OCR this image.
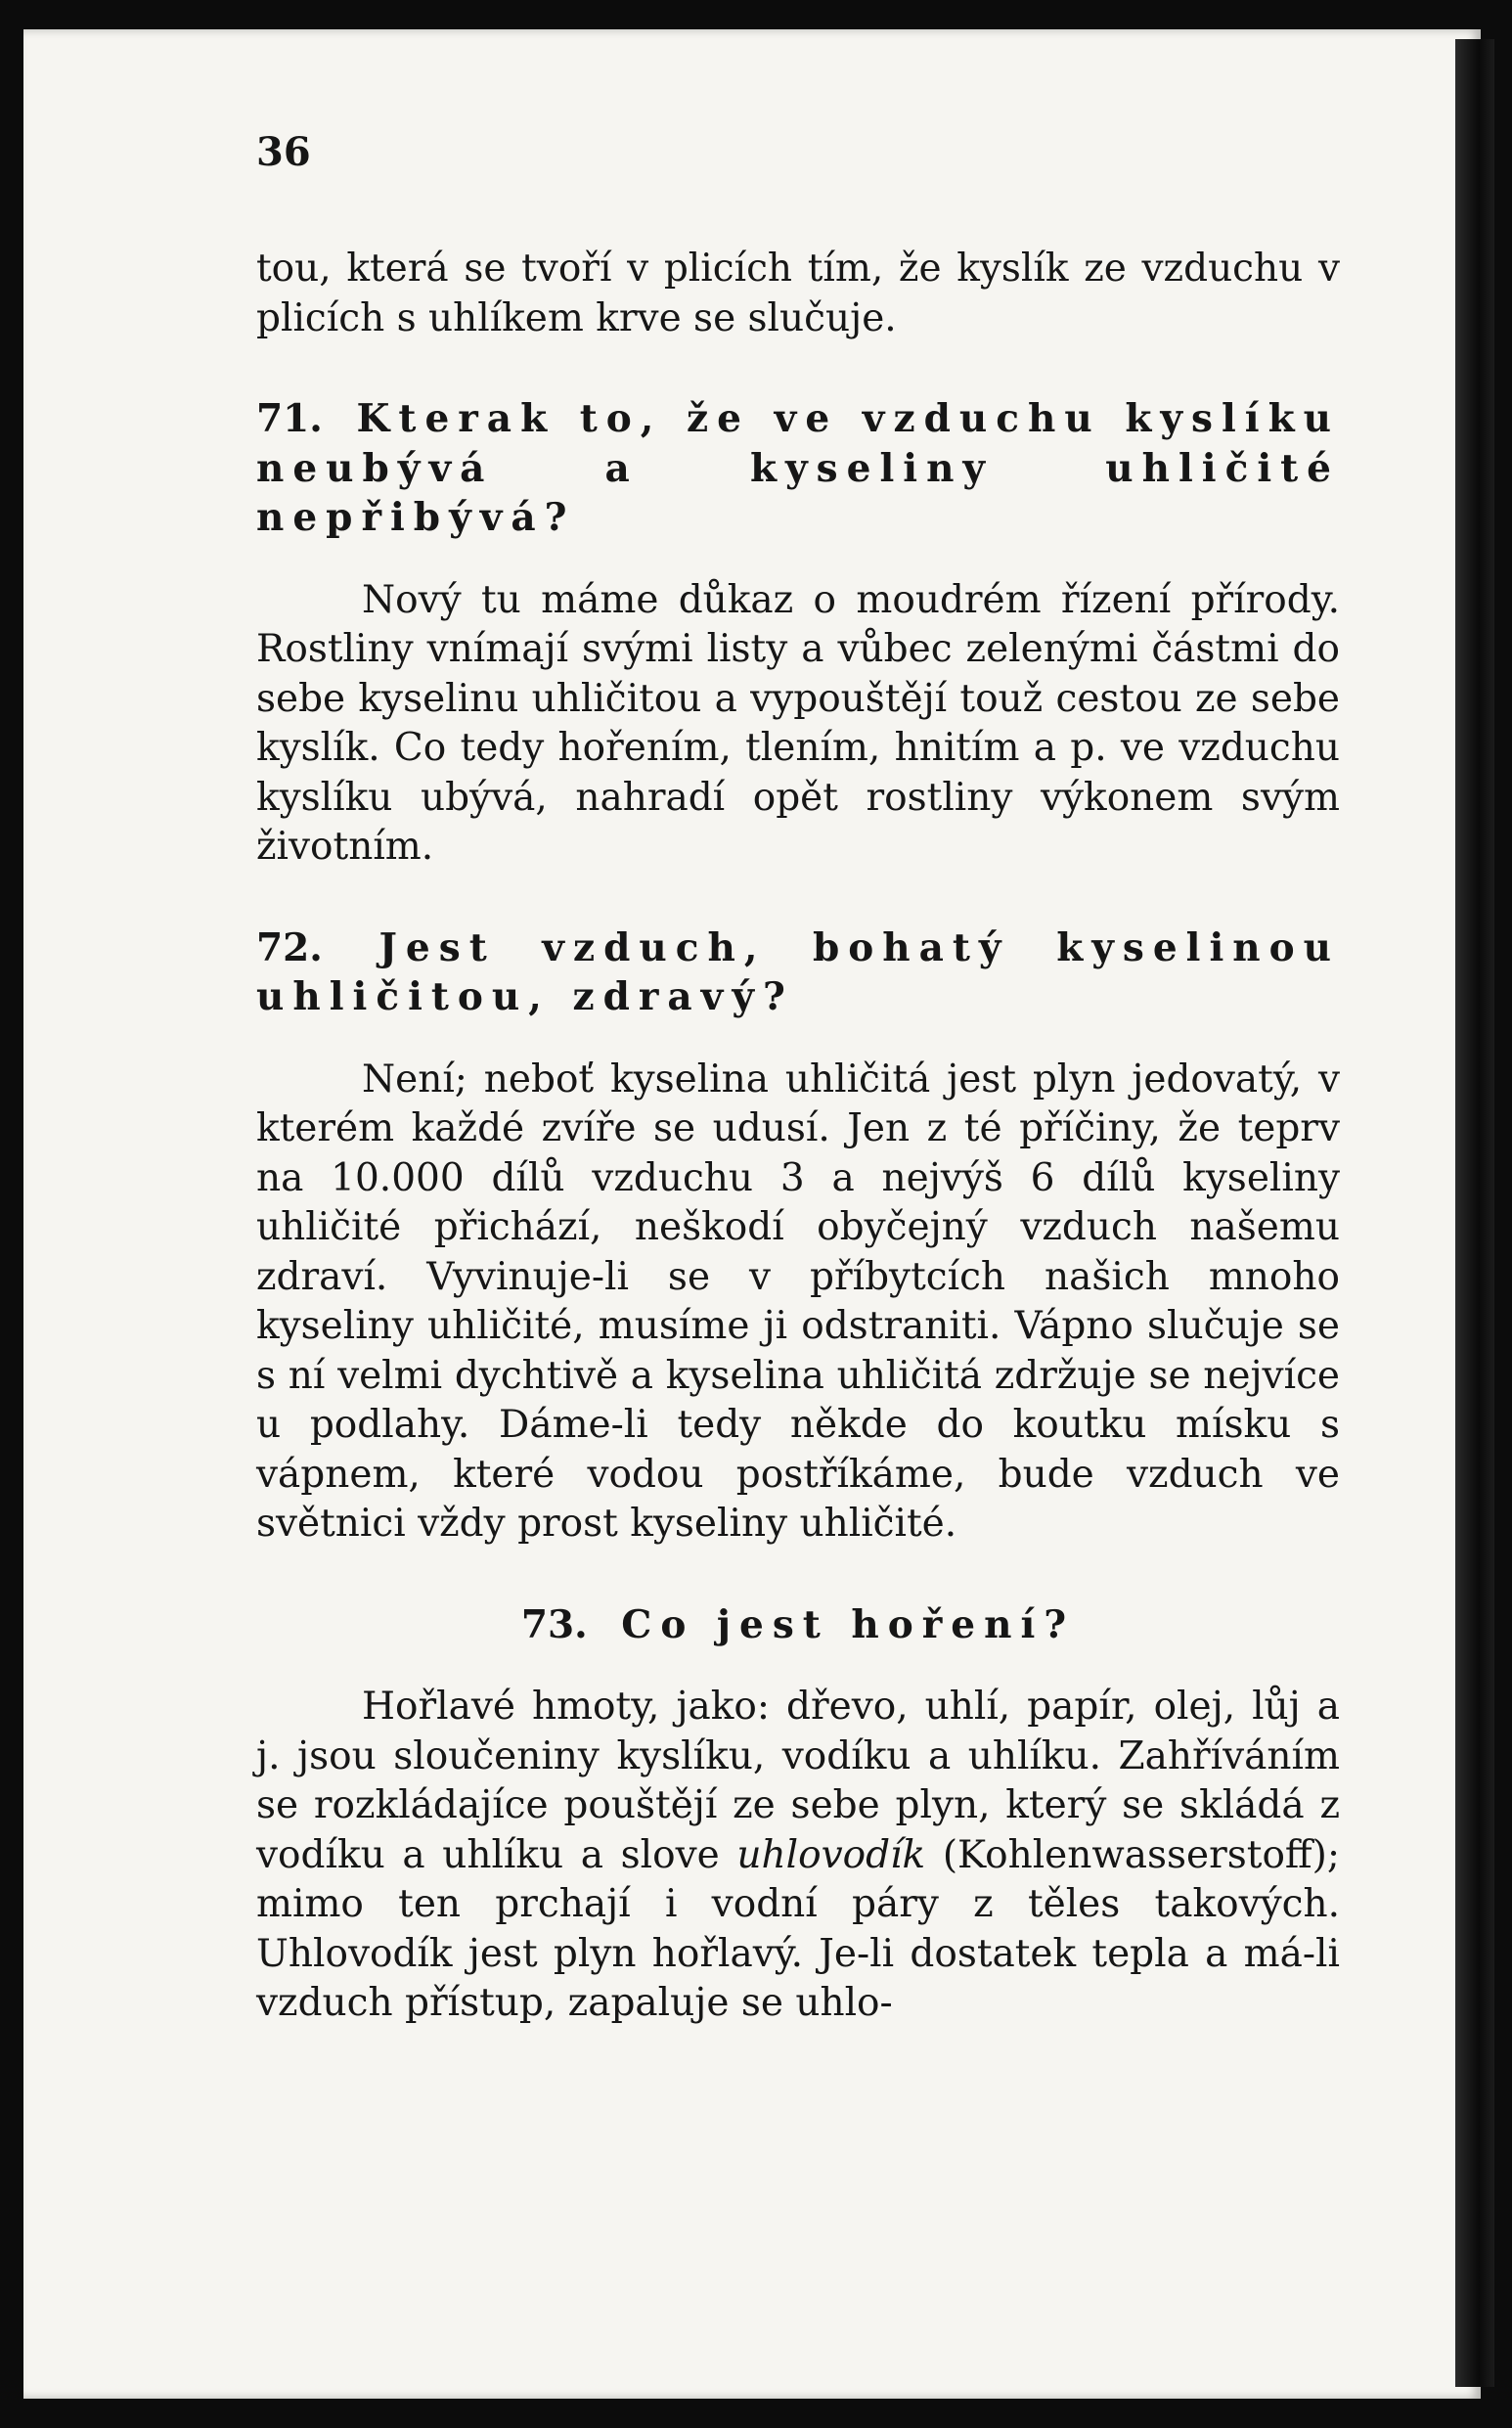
36

tou, která se tvoří v plicích tím, že kyslík ze vzduchu v plicích s uhlíkem krve se slučuje.

71. Kterak to, že ve vzduchu kyslíku neubývá a kyseliny uhličité nepřibývá?

Nový tu máme důkaz o moudrém řízení přírody. Rostliny vnímají svými listy a vůbec zelenými částmi do sebe kyselinu uhličitou a vypouštějí touž cestou ze sebe kyslík. Co tedy hořením, tlením, hnitím a p. ve vzduchu kyslíku ubývá, nahradí opět rostliny výkonem svým životním.

72. Jest vzduch, bohatý kyselinou uhličitou, zdravý?

Není; neboť kyselina uhličitá jest plyn jedovatý, v kterém každé zvíře se udusí. Jen z té příčiny, že teprv na 10.000 dílů vzduchu 3 a nejvýš 6 dílů kyseliny uhličité přichází, neškodí obyčejný vzduch našemu zdraví. Vyvinuje-li se v příbytcích našich mnoho kyseliny uhličité, musíme ji odstraniti. Vápno slučuje se s ní velmi dychtivě a kyselina uhličitá zdržuje se nejvíce u podlahy. Dáme-li tedy někde do koutku mísku s vápnem, které vodou postříkáme, bude vzduch ve světnici vždy prost kyseliny uhličité.

73. Co jest hoření?

Hořlavé hmoty, jako: dřevo, uhlí, papír, olej, lůj a j. jsou sloučeniny kyslíku, vodíku a uhlíku. Zahříváním se rozkládajíce pouštějí ze sebe plyn, který se skládá z vodíku a uhlíku a slove uhlovodík (Kohlenwasserstoff); mimo ten prchají i vodní páry z těles takových. Uhlovodík jest plyn hořlavý. Je-li dostatek tepla a má-li vzduch přístup, zapaluje se uhlo-
